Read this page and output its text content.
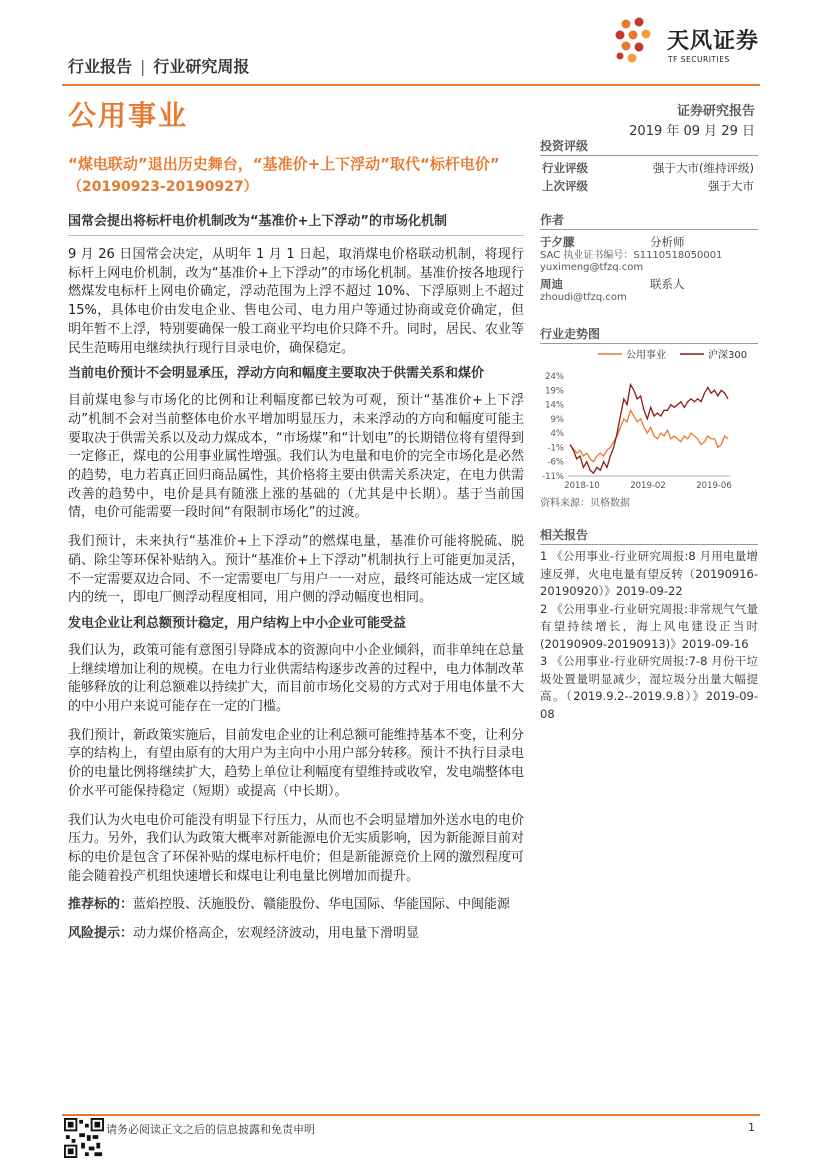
行业报告 | 行业研究周报
天风证券
TF SECURITIES
公用事业	证券研究报告
2019 年 09 月 29 日
“煤电联动”退出历史舞台，“基准价+上下浮动”取代“标杆电价”
（20190923-20190927）
国常会提出将标杆电价机制改为“基准价+上下浮动”的市场化机制

9 月 26 日国常会决定，从明年 1 月 1 日起，取消煤电价格联动机制，将现行标杆上网电价机制，改为“基准价+上下浮动”的市场化机制。基准价按各地现行燃煤发电标杆上网电价确定，浮动范围为上浮不超过 10%、下浮原则上不超过 15%，具体电价由发电企业、售电公司、电力用户等通过协商或竞价确定，但明年暂不上浮，特别要确保一般工商业平均电价只降不升。同时，居民、农业等民生范畴用电继续执行现行目录电价，确保稳定。

当前电价预计不会明显承压，浮动方向和幅度主要取决于供需关系和煤价

目前煤电参与市场化的比例和让利幅度都已较为可观，预计“基准价+上下浮动”机制不会对当前整体电价水平增加明显压力，未来浮动的方向和幅度可能主要取决于供需关系以及动力煤成本，“市场煤”和“计划电”的长期错位将有望得到一定修正，煤电的公用事业属性增强。我们认为电量和电价的完全市场化是必然的趋势，电力若真正回归商品属性，其价格将主要由供需关系决定，在电力供需改善的趋势中，电价是具有随涨上涨的基础的（尤其是中长期）。基于当前国情，电价可能需要一段时间“有限制市场化”的过渡。

我们预计，未来执行“基准价+上下浮动”的燃煤电量，基准价可能将脱硫、脱硝、除尘等环保补贴纳入。预计“基准价+上下浮动”机制执行上可能更加灵活，不一定需要双边合同、不一定需要电厂与用户一一对应，最终可能达成一定区域内的统一，即电厂侧浮动程度相同，用户侧的浮动幅度也相同。

发电企业让利总额预计稳定，用户结构上中小企业可能受益

我们认为，政策可能有意图引导降成本的资源向中小企业倾斜，而非单纯在总量上继续增加让利的规模。在电力行业供需结构逐步改善的过程中，电力体制改革能够释放的让利总额难以持续扩大，而目前市场化交易的方式对于用电体量不大的中小用户来说可能存在一定的门槛。

我们预计，新政策实施后，目前发电企业的让利总额可能维持基本不变，让利分享的结构上，有望由原有的大用户为主向中小用户部分转移。预计不执行目录电价的电量比例将继续扩大，趋势上单位让利幅度有望维持或收窄，发电端整体电价水平可能保持稳定（短期）或提高（中长期）。

我们认为火电电价可能没有明显下行压力，从而也不会明显增加外送水电的电价压力。另外，我们认为政策大概率对新能源电价无实质影响，因为新能源目前对标的电价是包含了环保补贴的煤电标杆电价；但是新能源竞价上网的激烈程度可能会随着投产机组快速增长和煤电让利电量比例增加而提升。

推荐标的：蓝焰控股、沃施股份、赣能股份、华电国际、华能国际、中闽能源

风险提示：动力煤价格高企，宏观经济波动，用电量下滑明显

投资评级
行业评级	强于大市(维持评级)
上次评级	强于大市
作者
于夕朦	分析师
SAC 执业证书编号：S1110518050001
yuximeng@tfzq.com
周迪	联系人
zhoudi@tfzq.com
行业走势图
公用事业	沪深300
-11%
-6%
-1%
4%
9%
14%
19%
24%
2018-10	2019-02	2019-06
资料来源：贝格数据
相关报告
1 《公用事业-行业研究周报:8 月用电量增速反弹，火电电量有望反转（20190916-20190920）》2019-09-22
2 《公用事业-行业研究周报:非常规气气量有望持续增长，海上风电建设正当时(20190909-20190913)》2019-09-16
3 《公用事业-行业研究周报:7-8 月份干垃圾处置量明显减少，湿垃圾分出量大幅提高。（2019.9.2--2019.9.8）》2019-09-08
请务必阅读正文之后的信息披露和免责申明	1
